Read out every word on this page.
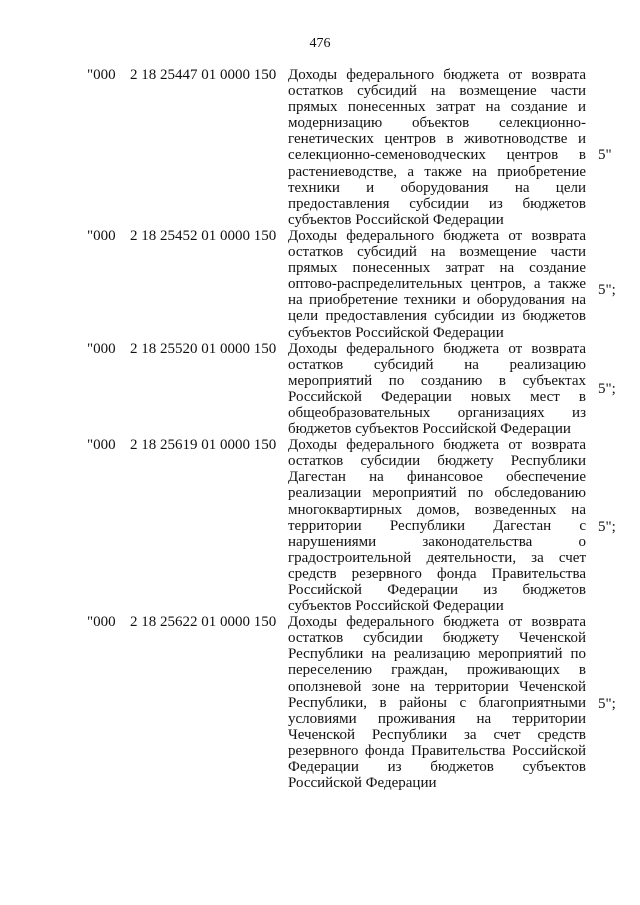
476
"000 2 18 25447 01 0000 150 Доходы федерального бюджета от возврата остатков субсидий на возмещение части прямых понесенных затрат на создание и модернизацию объектов селекционно-генетических центров в животноводстве и селекционно-семеноводческих центров в растениеводстве, а также на приобретение техники и оборудования на цели предоставления субсидии из бюджетов субъектов Российской Федерации
5"
"000 2 18 25452 01 0000 150 Доходы федерального бюджета от возврата остатков субсидий на возмещение части прямых понесенных затрат на создание оптово-распределительных центров, а также на приобретение техники и оборудования на цели предоставления субсидии из бюджетов субъектов Российской Федерации
5";
"000 2 18 25520 01 0000 150 Доходы федерального бюджета от возврата остатков субсидий на реализацию мероприятий по созданию в субъектах Российской Федерации новых мест в общеобразовательных организациях из бюджетов субъектов Российской Федерации
5";
"000 2 18 25619 01 0000 150 Доходы федерального бюджета от возврата остатков субсидии бюджету Республики Дагестан на финансовое обеспечение реализации мероприятий по обследованию многоквартирных домов, возведенных на территории Республики Дагестан с нарушениями законодательства о градостроительной деятельности, за счет средств резервного фонда Правительства Российской Федерации из бюджетов субъектов Российской Федерации
5";
"000 2 18 25622 01 0000 150 Доходы федерального бюджета от возврата остатков субсидии бюджету Чеченской Республики на реализацию мероприятий по переселению граждан, проживающих в оползневой зоне на территории Чеченской Республики, в районы с благоприятными условиями проживания на территории Чеченской Республики за счет средств резервного фонда Правительства Российской Федерации из бюджетов субъектов Российской Федерации
5";
